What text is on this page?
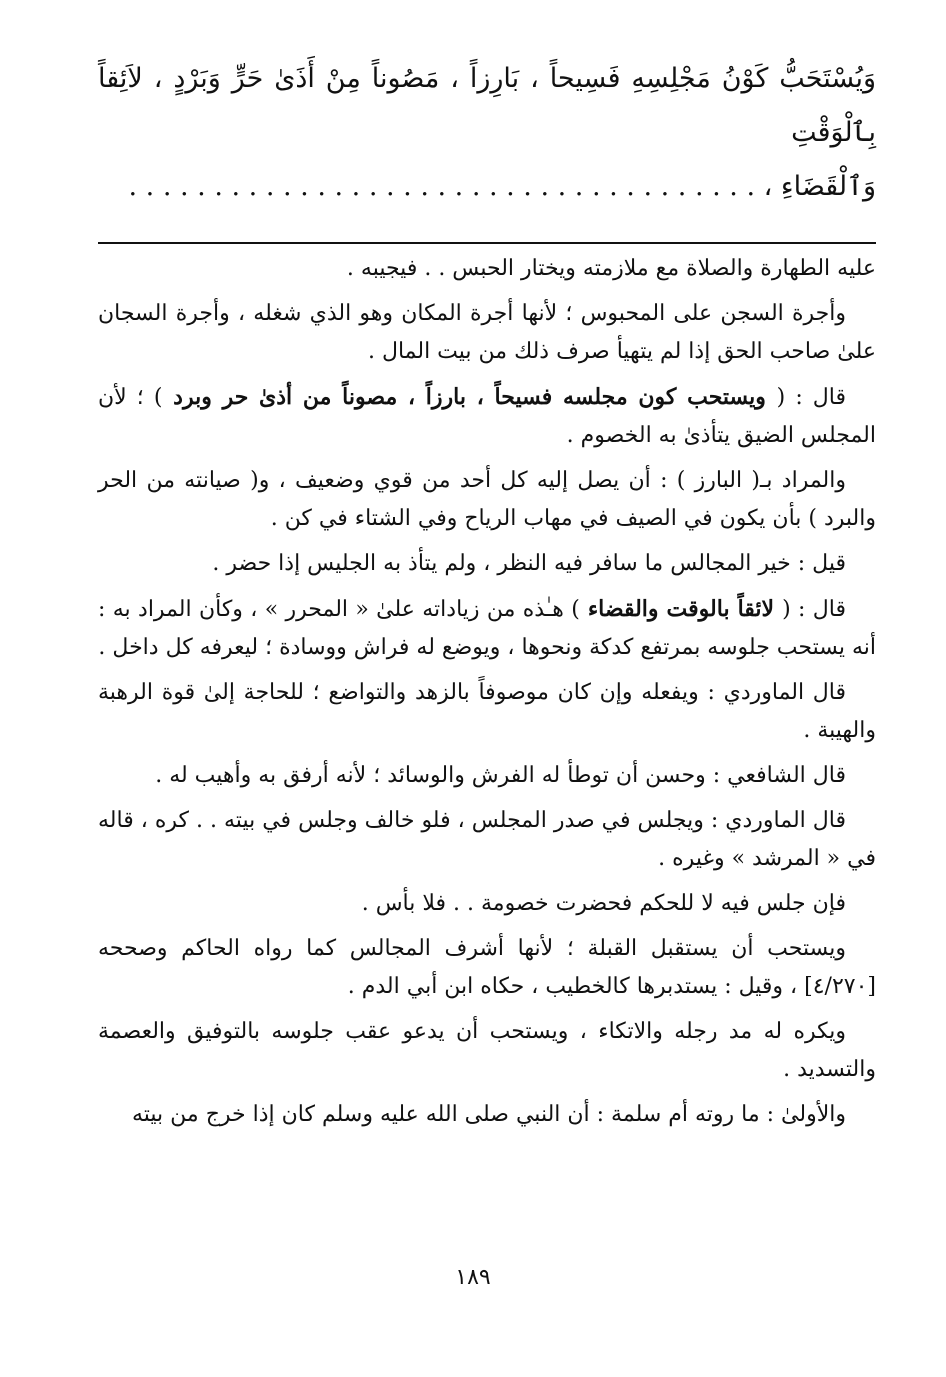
وَيُسْتَحَبُّ كَوْنُ مَجْلِسِهِ فَسِيحاً ، بَارِزاً ، مَصُوناً مِنْ أَذَىٰ حَرٍّ وَبَرْدٍ ، لاَئِقاً بِٱلْوَقْتِ
وَٱلْقَضَاءِ ، . . . . . . . . . . . . . . . . . . . . . . . . . . . . . . . . . . . . .

عليه الطهارة والصلاة مع ملازمته ويختار الحبس . . فيجيبه .

وأجرة السجن على المحبوس ؛ لأنها أجرة المكان وهو الذي شغله ، وأجرة السجان علىٰ صاحب الحق إذا لم يتهيأ صرف ذلك من بيت المال .

قال : ( ويستحب كون مجلسه فسيحاً ، بارزاً ، مصوناً من أذىٰ حر وبرد ) ؛ لأن المجلس الضيق يتأذىٰ به الخصوم .

والمراد بـ( البارز ) : أن يصل إليه كل أحد من قوي وضعيف ، و( صيانته من الحر والبرد ) بأن يكون في الصيف في مهاب الرياح وفي الشتاء في كن .

قيل : خير المجالس ما سافر فيه النظر ، ولم يتأذ به الجليس إذا حضر .

قال : ( لائقاً بالوقت والقضاء ) هـٰذه من زياداته علىٰ « المحرر » ، وكأن المراد به : أنه يستحب جلوسه بمرتفع كدكة ونحوها ، ويوضع له فراش ووسادة ؛ ليعرفه كل داخل .

قال الماوردي : ويفعله وإن كان موصوفاً بالزهد والتواضع ؛ للحاجة إلىٰ قوة الرهبة والهيبة .

قال الشافعي : وحسن أن توطأ له الفرش والوسائد ؛ لأنه أرفق به وأهيب له .

قال الماوردي : ويجلس في صدر المجلس ، فلو خالف وجلس في بيته . . كره ، قاله في « المرشد » وغيره .

فإن جلس فيه لا للحكم فحضرت خصومة . . فلا بأس .

ويستحب أن يستقبل القبلة ؛ لأنها أشرف المجالس كما رواه الحاكم وصححه [٤/٢٧٠] ، وقيل : يستدبرها كالخطيب ، حكاه ابن أبي الدم .

ويكره له مد رجله والاتكاء ، ويستحب أن يدعو عقب جلوسه بالتوفيق والعصمة والتسديد .

والأولىٰ : ما روته أم سلمة : أن النبي صلى الله عليه وسلم كان إذا خرج من بيته

١٨٩
